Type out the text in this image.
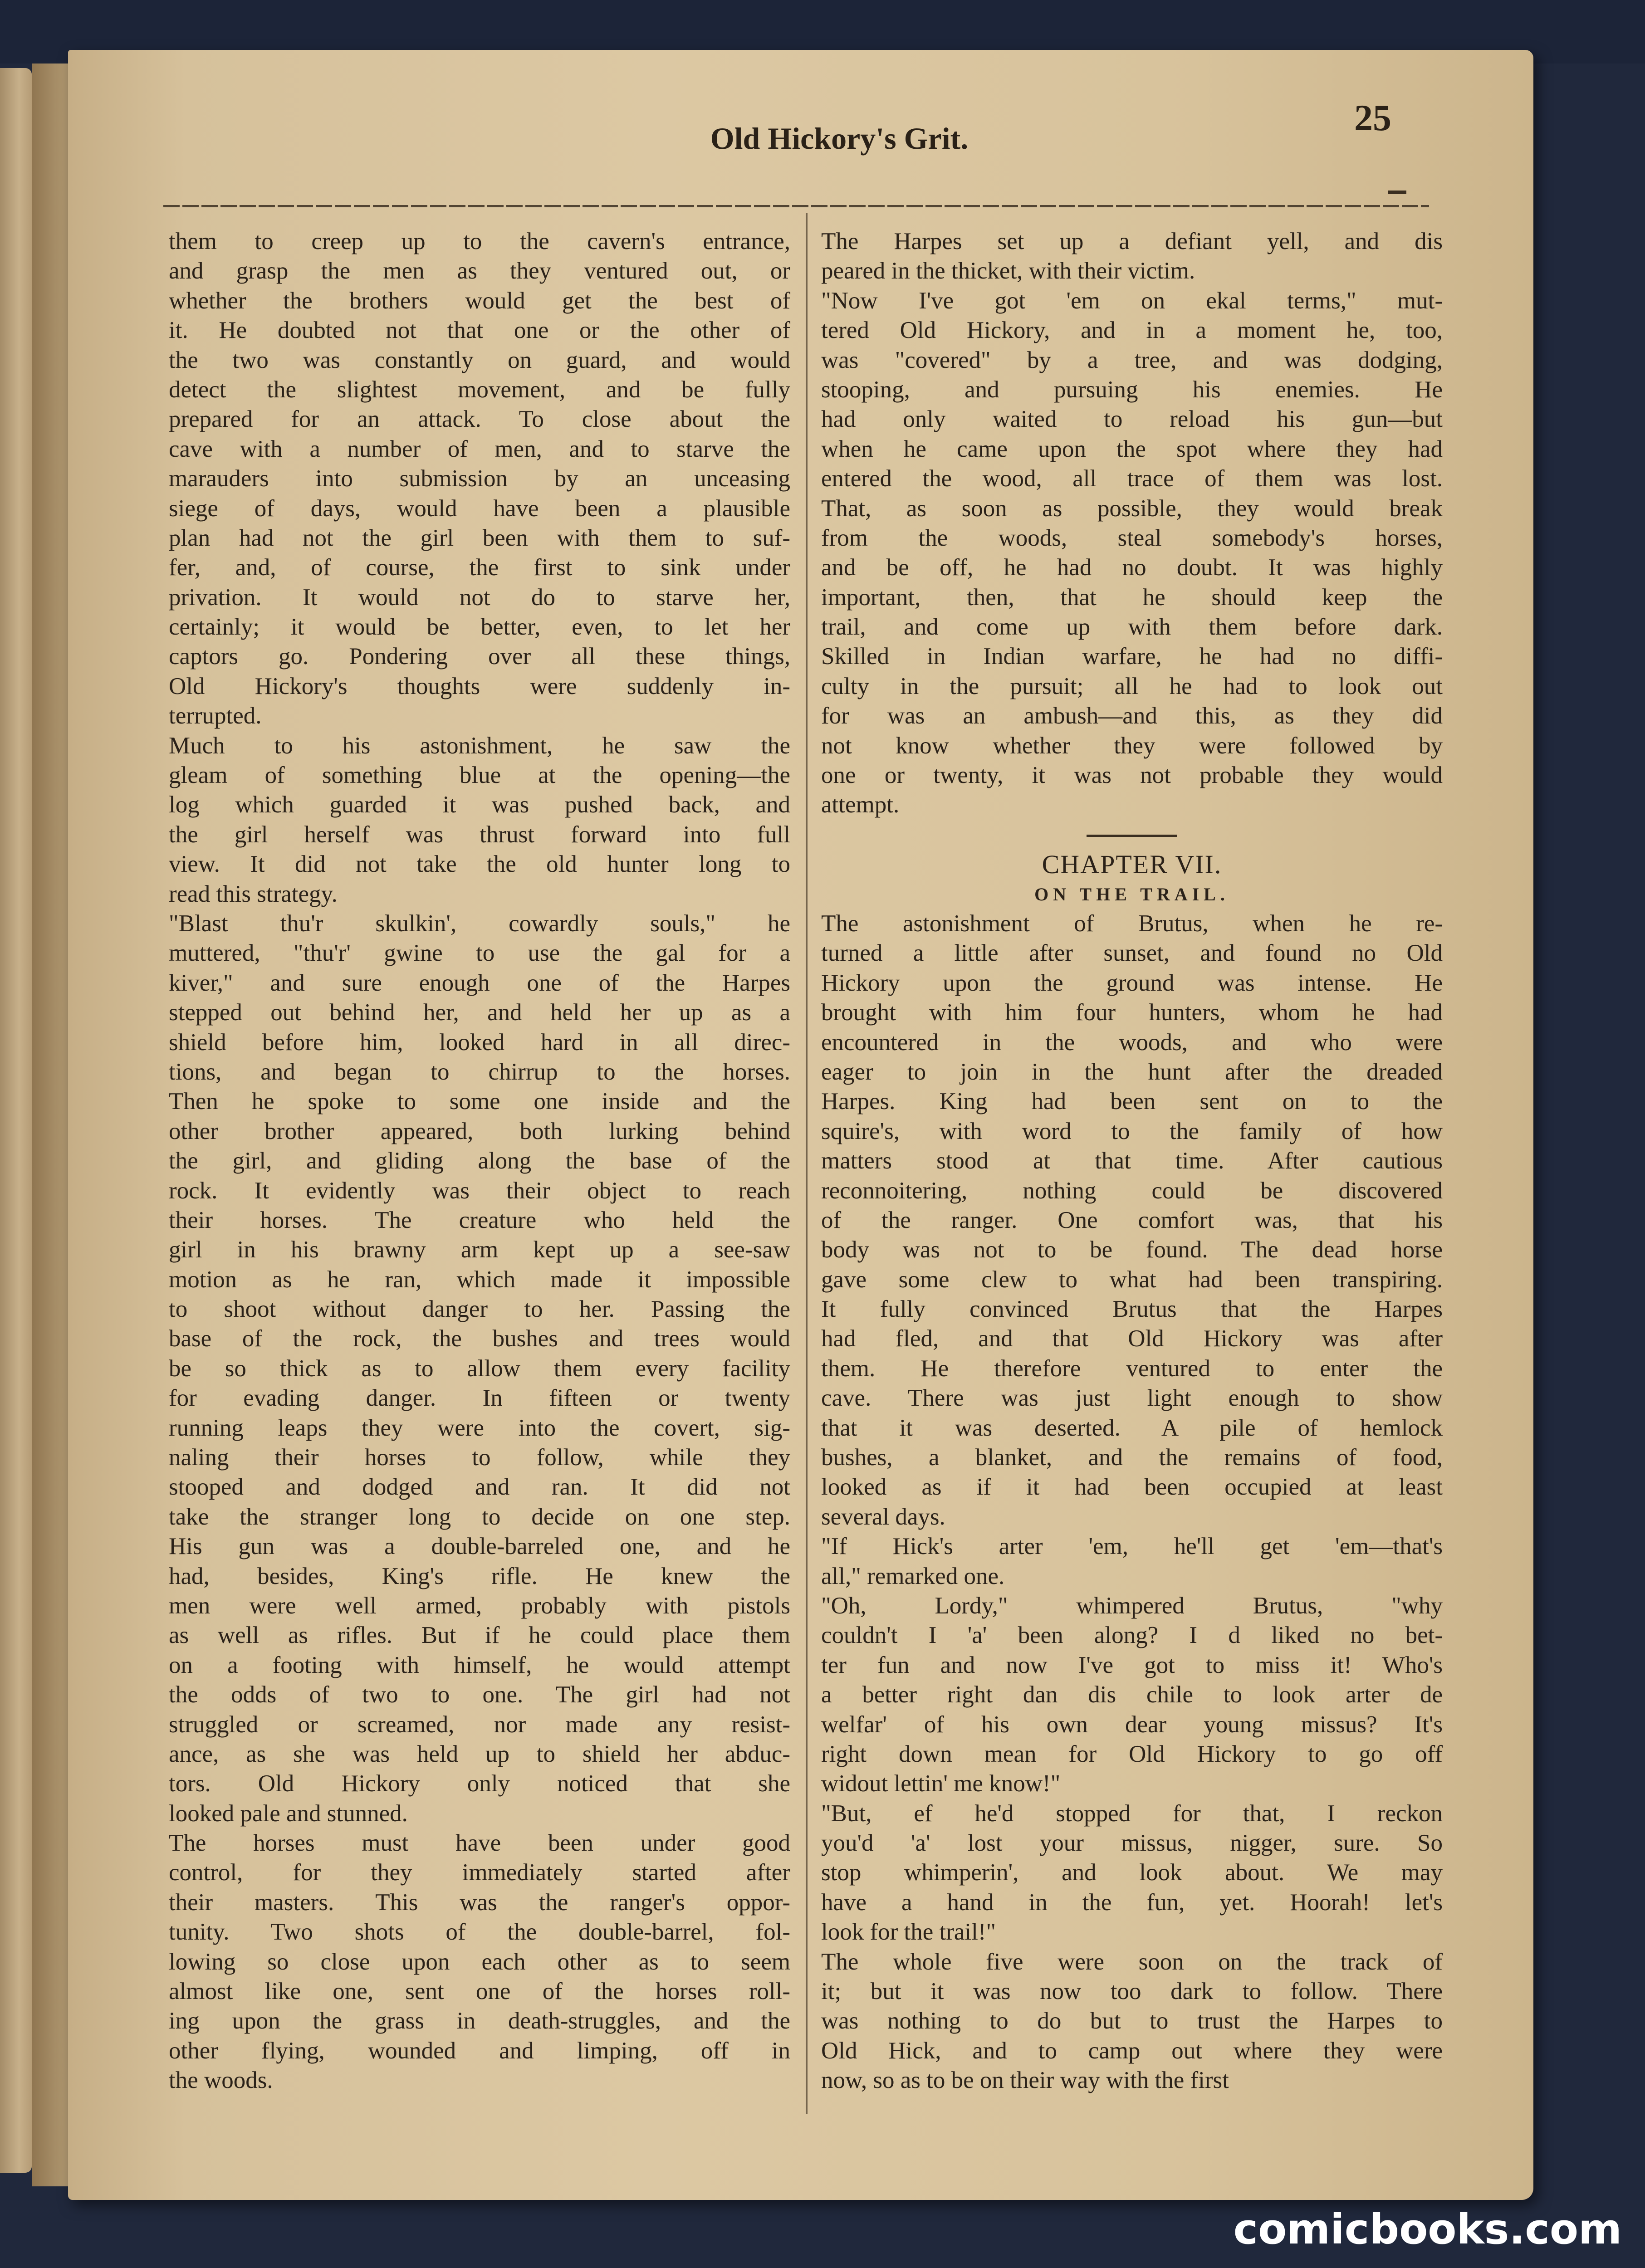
Old Hickory's Grit.	25
them to creep up to the cavern's entrance,
and grasp the men as they ventured out, or
whether the brothers would get the best of
it. He doubted not that one or the other of
the two was constantly on guard, and would
detect the slightest movement, and be fully
prepared for an attack. To close about the
cave with a number of men, and to starve the
marauders into submission by an unceasing
siege of days, would have been a plausible
plan had not the girl been with them to suf-
fer, and, of course, the first to sink under
privation. It would not do to starve her,
certainly; it would be better, even, to let her
captors go. Pondering over all these things,
Old Hickory's thoughts were suddenly in-
terrupted.
Much to his astonishment, he saw the
gleam of something blue at the opening—the
log which guarded it was pushed back, and
the girl herself was thrust forward into full
view. It did not take the old hunter long to
read this strategy.
"Blast thu'r skulkin', cowardly souls," he
muttered, "thu'r' gwine to use the gal for a
kiver," and sure enough one of the Harpes
stepped out behind her, and held her up as a
shield before him, looked hard in all direc-
tions, and began to chirrup to the horses.
Then he spoke to some one inside and the
other brother appeared, both lurking behind
the girl, and gliding along the base of the
rock. It evidently was their object to reach
their horses. The creature who held the
girl in his brawny arm kept up a see-saw
motion as he ran, which made it impossible
to shoot without danger to her. Passing the
base of the rock, the bushes and trees would
be so thick as to allow them every facility
for evading danger. In fifteen or twenty
running leaps they were into the covert, sig-
naling their horses to follow, while they
stooped and dodged and ran. It did not
take the stranger long to decide on one step.
His gun was a double-barreled one, and he
had, besides, King's rifle. He knew the
men were well armed, probably with pistols
as well as rifles. But if he could place them
on a footing with himself, he would attempt
the odds of two to one. The girl had not
struggled or screamed, nor made any resist-
ance, as she was held up to shield her abduc-
tors. Old Hickory only noticed that she
looked pale and stunned.
The horses must have been under good
control, for they immediately started after
their masters. This was the ranger's oppor-
tunity. Two shots of the double-barrel, fol-
lowing so close upon each other as to seem
almost like one, sent one of the horses roll-
ing upon the grass in death-struggles, and the
other flying, wounded and limping, off in
the woods.
The Harpes set up a defiant yell, and dis
peared in the thicket, with their victim.
"Now I've got 'em on ekal terms," mut-
tered Old Hickory, and in a moment he, too,
was "covered" by a tree, and was dodging,
stooping, and pursuing his enemies. He
had only waited to reload his gun—but
when he came upon the spot where they had
entered the wood, all trace of them was lost.
That, as soon as possible, they would break
from the woods, steal somebody's horses,
and be off, he had no doubt. It was highly
important, then, that he should keep the
trail, and come up with them before dark.
Skilled in Indian warfare, he had no diffi-
culty in the pursuit; all he had to look out
for was an ambush—and this, as they did
not know whether they were followed by
one or twenty, it was not probable they would
attempt.
CHAPTER VII.
ON THE TRAIL.
The astonishment of Brutus, when he re-
turned a little after sunset, and found no Old
Hickory upon the ground was intense. He
brought with him four hunters, whom he had
encountered in the woods, and who were
eager to join in the hunt after the dreaded
Harpes. King had been sent on to the
squire's, with word to the family of how
matters stood at that time. After cautious
reconnoitering, nothing could be discovered
of the ranger. One comfort was, that his
body was not to be found. The dead horse
gave some clew to what had been transpiring.
It fully convinced Brutus that the Harpes
had fled, and that Old Hickory was after
them. He therefore ventured to enter the
cave. There was just light enough to show
that it was deserted. A pile of hemlock
bushes, a blanket, and the remains of food,
looked as if it had been occupied at least
several days.
"If Hick's arter 'em, he'll get 'em—that's
all," remarked one.
"Oh, Lordy," whimpered Brutus, "why
couldn't I 'a' been along? I d liked no bet-
ter fun and now I've got to miss it! Who's
a better right dan dis chile to look arter de
welfar' of his own dear young missus? It's
right down mean for Old Hickory to go off
widout lettin' me know!"
"But, ef he'd stopped for that, I reckon
you'd 'a' lost your missus, nigger, sure. So
stop whimperin', and look about. We may
have a hand in the fun, yet. Hoorah! let's
look for the trail!"
The whole five were soon on the track of
it; but it was now too dark to follow. There
was nothing to do but to trust the Harpes to
Old Hick, and to camp out where they were
now, so as to be on their way with the first
comicbooks.com
